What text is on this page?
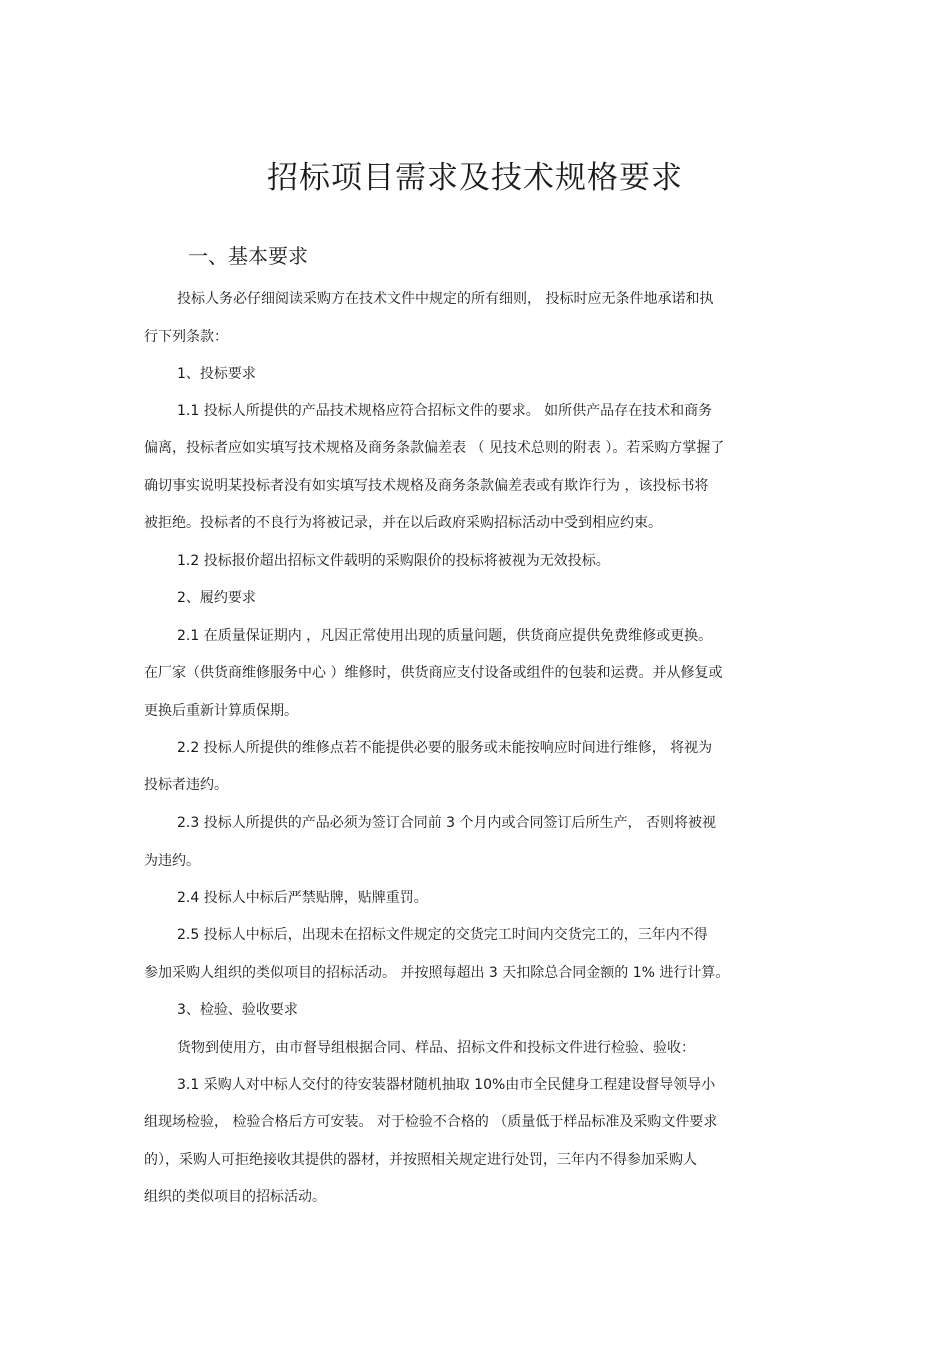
招标项目需求及技术规格要求
一、基本要求

投标人务必仔细阅读采购方在技术文件中规定的所有细则， 投标时应无条件地承诺和执

行下列条款：

1、投标要求

1.1 投标人所提供的产品技术规格应符合招标文件的要求。 如所供产品存在技术和商务

偏离，投标者应如实填写技术规格及商务条款偏差表 （ 见技术总则的附表 ）。若采购方掌握了

确切事实说明某投标者没有如实填写技术规格及商务条款偏差表或有欺诈行为 ，该投标书将

被拒绝。投标者的不良行为将被记录，并在以后政府采购招标活动中受到相应约束。

1.2 投标报价超出招标文件载明的采购限价的投标将被视为无效投标。

2、履约要求

2.1 在质量保证期内 ，凡因正常使用出现的质量问题，供货商应提供免费维修或更换。

在厂家（供货商维修服务中心 ）维修时，供货商应支付设备或组件的包装和运费。并从修复或

更换后重新计算质保期。

2.2 投标人所提供的维修点若不能提供必要的服务或未能按响应时间进行维修， 将视为

投标者违约。

2.3 投标人所提供的产品必须为签订合同前 3 个月内或合同签订后所生产， 否则将被视

为违约。

2.4 投标人中标后严禁贴牌，贴牌重罚。

2.5 投标人中标后，出现未在招标文件规定的交货完工时间内交货完工的，三年内不得

参加采购人组织的类似项目的招标活动。 并按照每超出 3 天扣除总合同金额的 1% 进行计算。

3、检验、验收要求

货物到使用方，由市督导组根据合同、样品、招标文件和投标文件进行检验、验收：

3.1 采购人对中标人交付的待安装器材随机抽取 10%由市全民健身工程建设督导领导小

组现场检验， 检验合格后方可安装。 对于检验不合格的 （质量低于样品标准及采购文件要求

的），采购人可拒绝接收其提供的器材，并按照相关规定进行处罚，三年内不得参加采购人

组织的类似项目的招标活动。
